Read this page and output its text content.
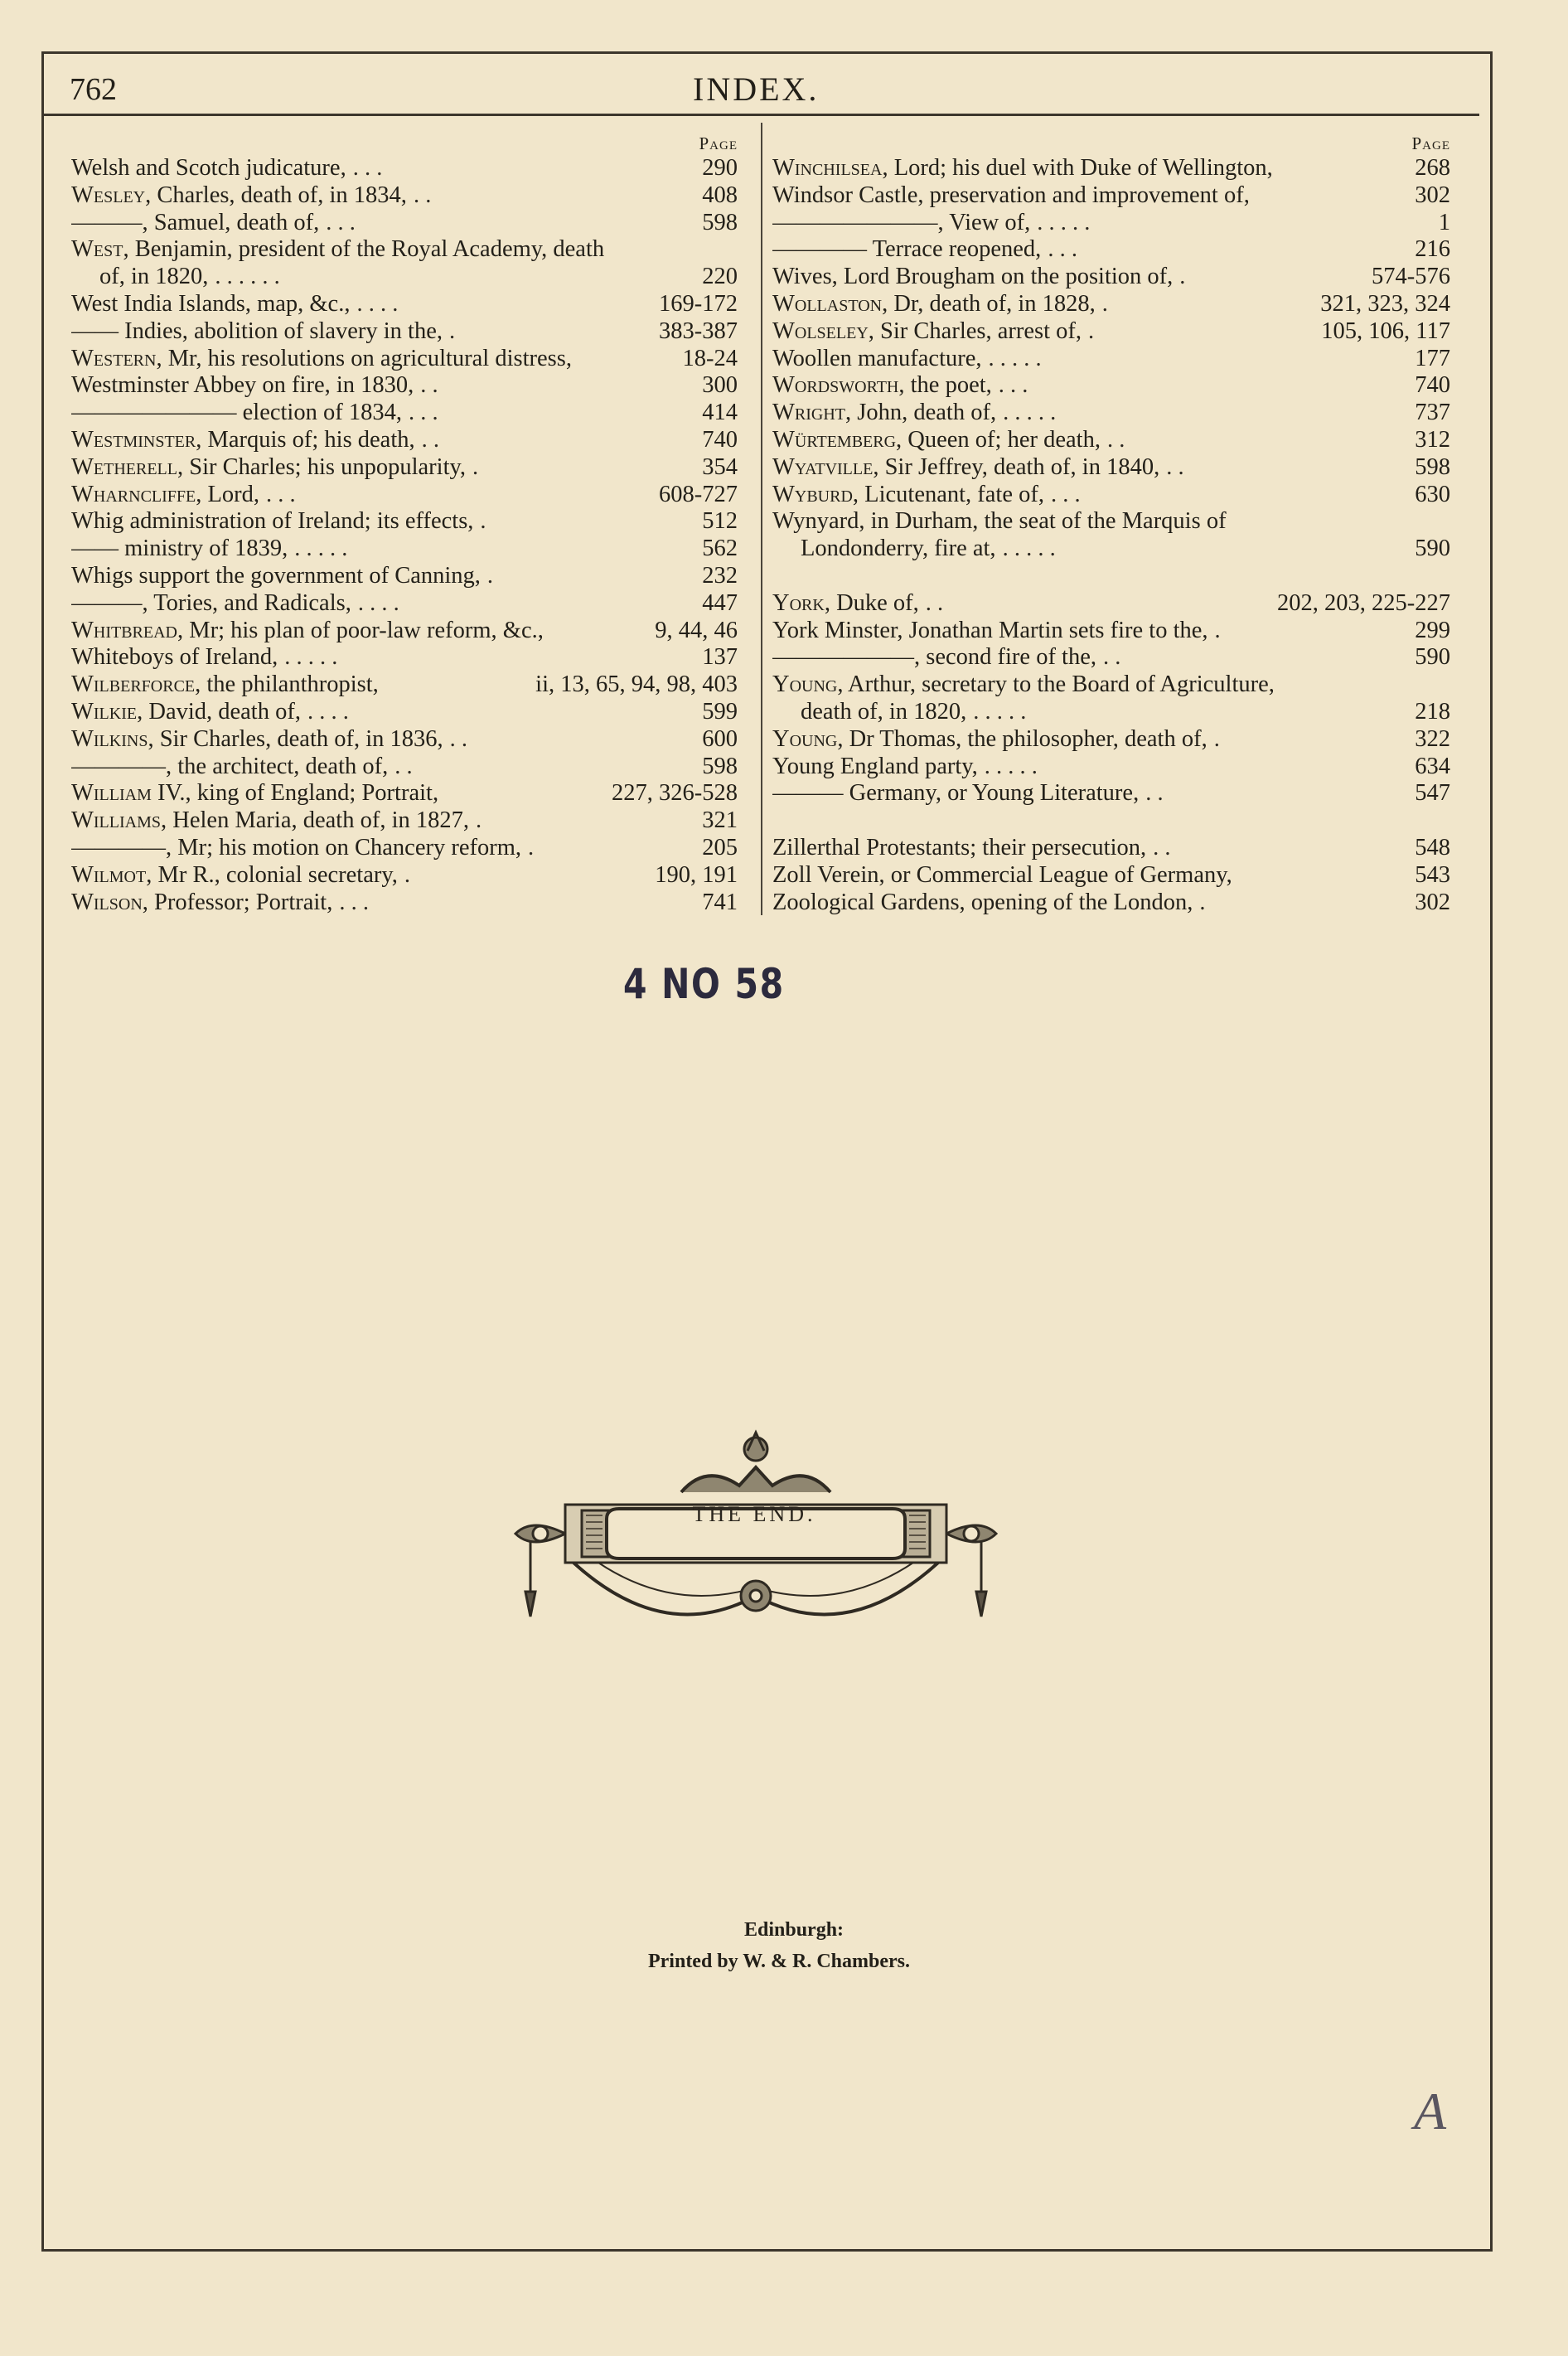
762	INDEX.
Page
Welsh and Scotch judicature, . . .	290
Wesley, Charles, death of, in 1834, . .	408
———, Samuel, death of, . . .	598
West, Benjamin, president of the Royal Academy, death
of, in 1820, . . . . . .	220
West India Islands, map, &c., . . . .	169-172
—— Indies, abolition of slavery in the, .	383-387
Western, Mr, his resolutions on agricultural distress,	18-24
Westminster Abbey on fire, in 1830, . .	300
——————— election of 1834, . . .	414
Westminster, Marquis of; his death, . .	740
Wetherell, Sir Charles; his unpopularity, .	354
Wharncliffe, Lord, . . .	608-727
Whig administration of Ireland; its effects, .	512
—— ministry of 1839, . . . . .	562
Whigs support the government of Canning, .	232
———, Tories, and Radicals, . . . .	447
Whitbread, Mr; his plan of poor-law reform, &c.,	9, 44, 46
Whiteboys of Ireland, . . . . .	137
Wilberforce, the philanthropist,	ii, 13, 65, 94, 98, 403
Wilkie, David, death of, . . . .	599
Wilkins, Sir Charles, death of, in 1836, . .	600
————, the architect, death of, . .	598
William IV., king of England; Portrait,	227, 326-528
Williams, Helen Maria, death of, in 1827, .	321
————, Mr; his motion on Chancery reform, .	205
Wilmot, Mr R., colonial secretary, .	190, 191
Wilson, Professor; Portrait, . . .	741
Page
Winchilsea, Lord; his duel with Duke of Wellington,	268
Windsor Castle, preservation and improvement of,	302
———————, View of, . . . . .	1
———— Terrace reopened, . . .	216
Wives, Lord Brougham on the position of, .	574-576
Wollaston, Dr, death of, in 1828, .	321, 323, 324
Wolseley, Sir Charles, arrest of, .	105, 106, 117
Woollen manufacture, . . . . .	177
Wordsworth, the poet, . . .	740
Wright, John, death of, . . . . .	737
Würtemberg, Queen of; her death, . .	312
Wyatville, Sir Jeffrey, death of, in 1840, . .	598
Wyburd, Licutenant, fate of, . . .	630
Wynyard, in Durham, the seat of the Marquis of
Londonderry, fire at, . . . . .	590
York, Duke of, . .	202, 203, 225-227
York Minster, Jonathan Martin sets fire to the, .	299
——————, second fire of the, . .	590
Young, Arthur, secretary to the Board of Agriculture,
death of, in 1820, . . . . .	218
Young, Dr Thomas, the philosopher, death of, .	322
Young England party, . . . . .	634
——— Germany, or Young Literature, . .	547
Zillerthal Protestants; their persecution, . .	548
Zoll Verein, or Commercial League of Germany,	543
Zoological Gardens, opening of the London, .	302
4 NO 58
THE END.
Edinburgh:
Printed by W. & R. Chambers.
A
